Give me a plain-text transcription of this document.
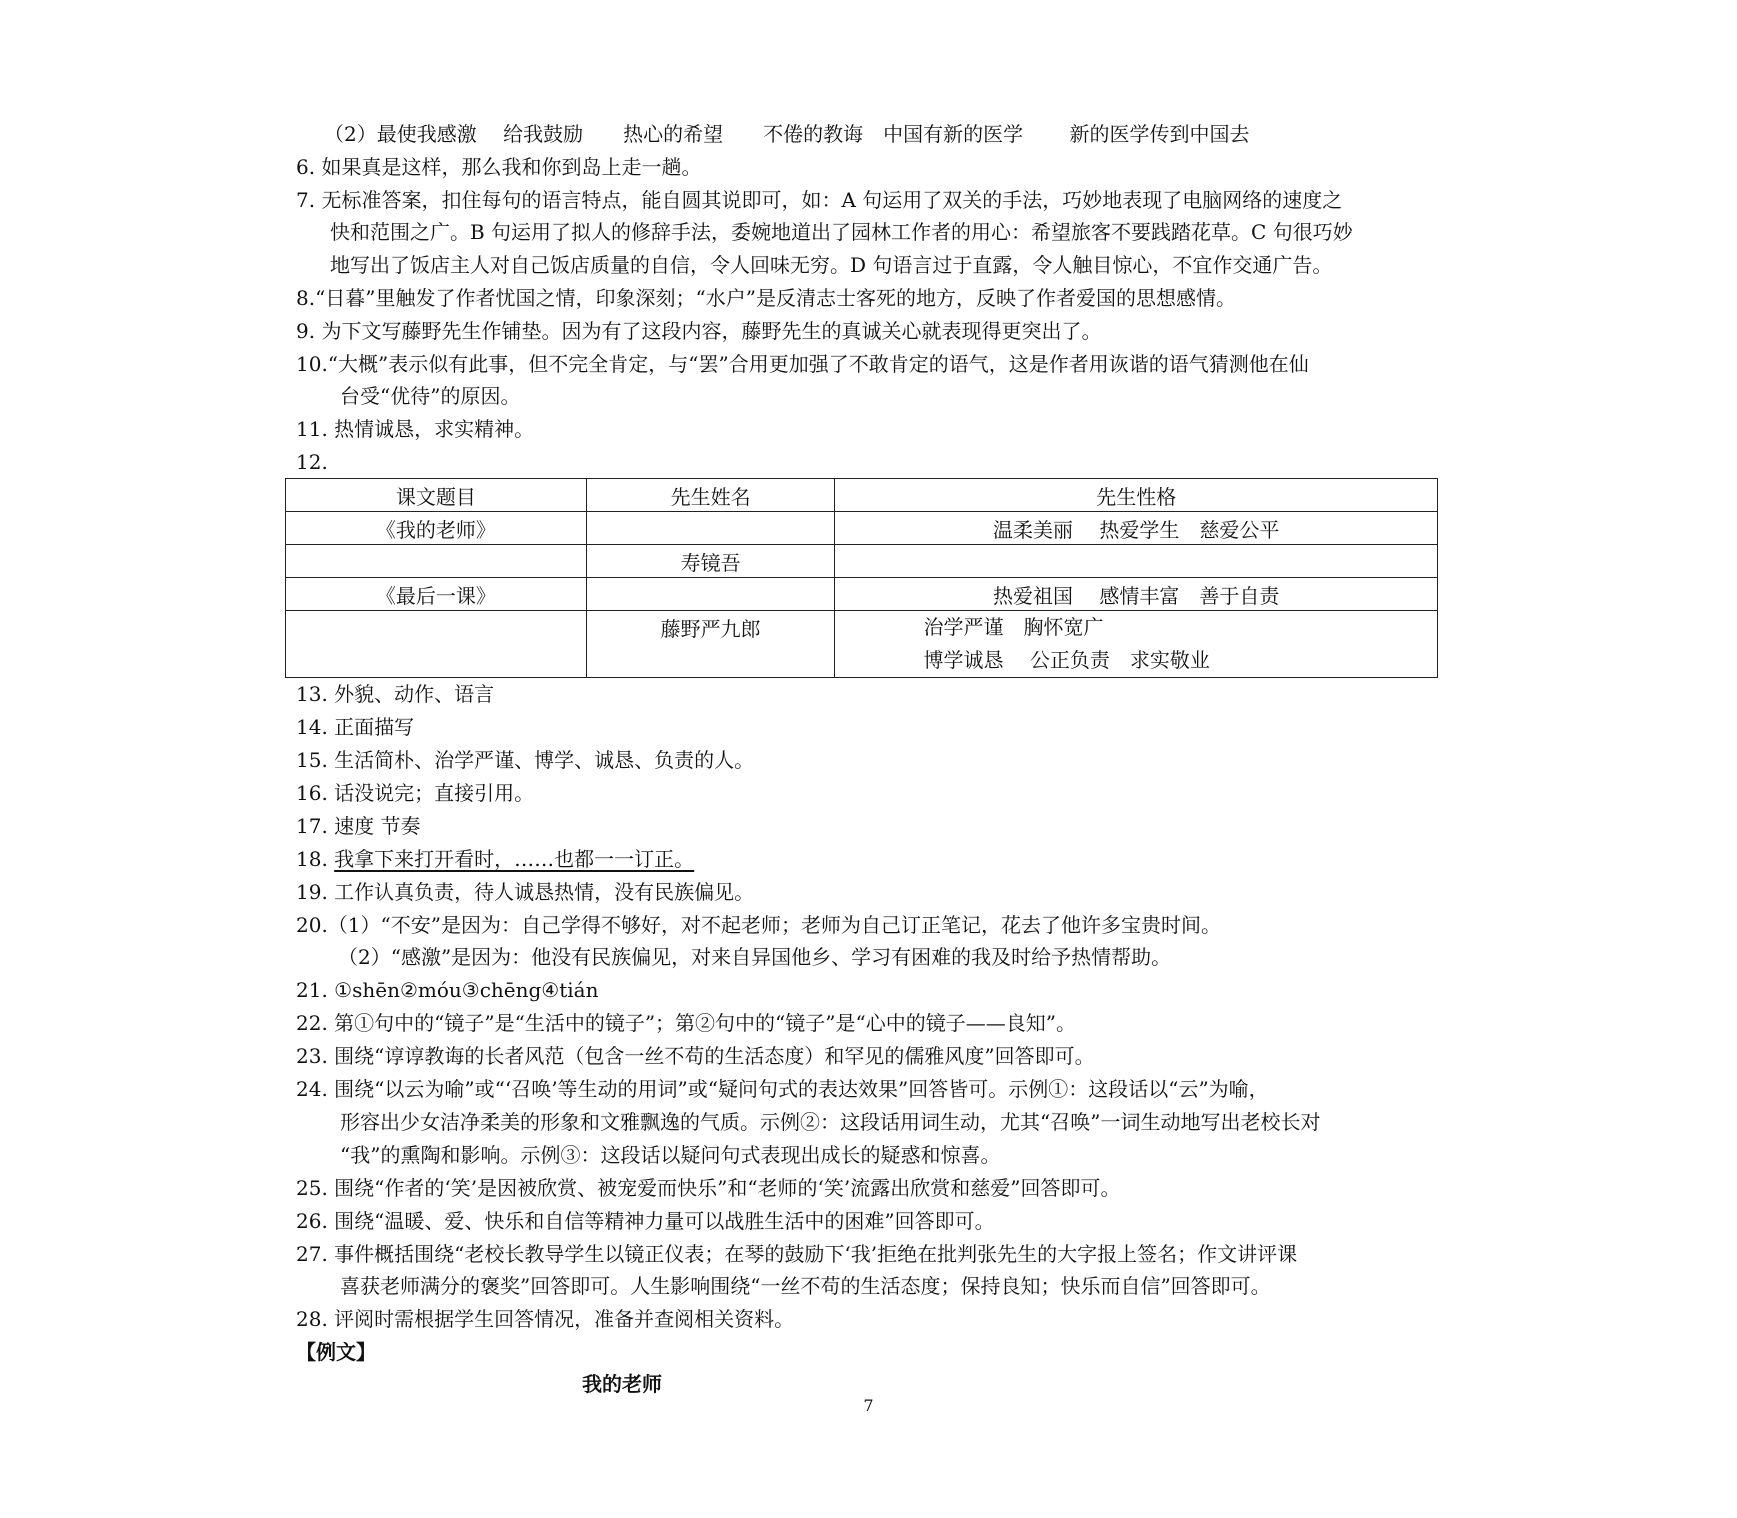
（2）最使我感激　 给我鼓励　　热心的希望　　不倦的教诲　中国有新的医学　　 新的医学传到中国去
6. 如果真是这样，那么我和你到岛上走一趟。
7. 无标准答案，扣住每句的语言特点，能自圆其说即可，如：A 句运用了双关的手法，巧妙地表现了电脑网络的速度之
快和范围之广。B 句运用了拟人的修辞手法，委婉地道出了园林工作者的用心：希望旅客不要践踏花草。C 句很巧妙
地写出了饭店主人对自己饭店质量的自信，令人回味无穷。D 句语言过于直露，令人触目惊心，不宜作交通广告。
8.“日暮”里触发了作者忧国之情，印象深刻；“水户”是反清志士客死的地方，反映了作者爱国的思想感情。
9. 为下文写藤野先生作铺垫。因为有了这段内容，藤野先生的真诚关心就表现得更突出了。
10.“大概”表示似有此事，但不完全肯定，与“罢”合用更加强了不敢肯定的语气，这是作者用诙谐的语气猜测他在仙
台受“优待”的原因。
11. 热情诚恳，求实精神。
12.
课文题目	先生姓名	先生性格
《我的老师》		温柔美丽　 热爱学生　慈爱公平
	寿镜吾	
《最后一课》		热爱祖国　 感情丰富　善于自责
	藤野严九郎	治学严谨　胸怀宽广
博学诚恳　 公正负责　求实敬业
13. 外貌、动作、语言
14. 正面描写
15. 生活简朴、治学严谨、博学、诚恳、负责的人。
16. 话没说完；直接引用。
17. 速度 节奏
18. 我拿下来打开看时，……也都一一订正。
19. 工作认真负责，待人诚恳热情，没有民族偏见。
20.（1）“不安”是因为：自己学得不够好，对不起老师；老师为自己订正笔记，花去了他许多宝贵时间。
（2）“感激”是因为：他没有民族偏见，对来自异国他乡、学习有困难的我及时给予热情帮助。
21. ①shēn②móu③chēng④tián
22. 第①句中的“镜子”是“生活中的镜子”；第②句中的“镜子”是“心中的镜子——良知”。
23. 围绕“谆谆教诲的长者风范（包含一丝不苟的生活态度）和罕见的儒雅风度”回答即可。
24. 围绕“以云为喻”或“‘召唤’等生动的用词”或“疑问句式的表达效果”回答皆可。示例①：这段话以“云”为喻，
形容出少女洁净柔美的形象和文雅飘逸的气质。示例②：这段话用词生动，尤其“召唤”一词生动地写出老校长对
“我”的熏陶和影响。示例③：这段话以疑问句式表现出成长的疑惑和惊喜。
25. 围绕“作者的‘笑’是因被欣赏、被宠爱而快乐”和“老师的‘笑’流露出欣赏和慈爱”回答即可。
26. 围绕“温暖、爱、快乐和自信等精神力量可以战胜生活中的困难”回答即可。
27. 事件概括围绕“老校长教导学生以镜正仪表；在琴的鼓励下‘我’拒绝在批判张先生的大字报上签名；作文讲评课
喜获老师满分的褒奖”回答即可。人生影响围绕“一丝不苟的生活态度；保持良知；快乐而自信”回答即可。
28. 评阅时需根据学生回答情况，准备并查阅相关资料。
【例文】
我的老师
7
